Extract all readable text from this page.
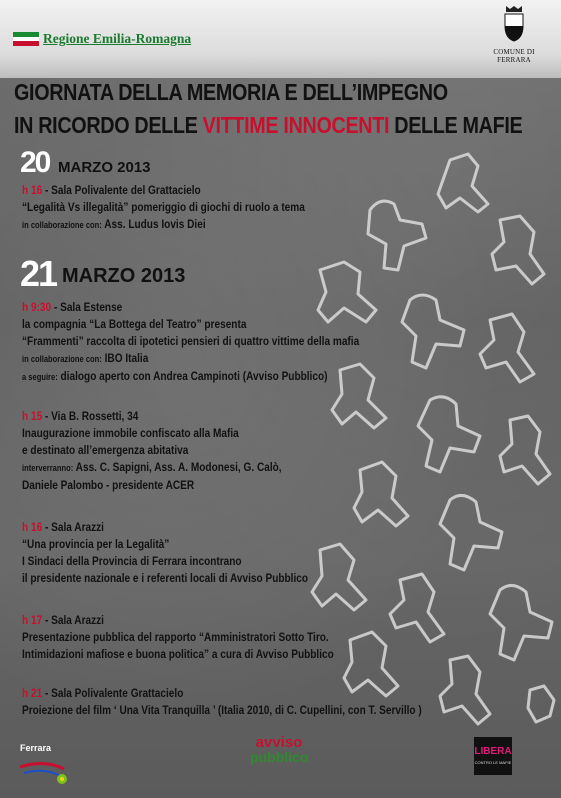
Regione Emilia-Romagna
COMUNE DI FERRARA
GIORNATA DELLA MEMORIA E DELL’IMPEGNO
IN RICORDO DELLE VITTIME INNOCENTI DELLE MAFIE
20 MARZO 2013
h 16 - Sala Polivalente del Grattacielo
“Legalità Vs illegalità” pomeriggio di giochi di ruolo a tema
in collaborazione con: Ass. Ludus Iovis Diei
21 MARZO 2013
h 9:30 - Sala Estense
la compagnia “La Bottega del Teatro” presenta
“Frammenti” raccolta di ipotetici pensieri di quattro vittime della mafia
in collaborazione con: IBO Italia
a seguire: dialogo aperto con Andrea Campinoti (Avviso Pubblico)
h 15 - Via B. Rossetti, 34
Inaugurazione immobile confiscato alla Mafia
e destinato all’emergenza abitativa
interverranno: Ass. C. Sapigni, Ass. A. Modonesi, G. Calò,
Daniele Palombo - presidente ACER
h 16 - Sala Arazzi
“Una provincia per la Legalità”
I Sindaci della Provincia di Ferrara incontrano
il presidente nazionale e i referenti locali di Avviso Pubblico
h 17 - Sala Arazzi
Presentazione pubblica del rapporto “Amministratori Sotto Tiro.
Intimidazioni mafiose e buona politica” a cura di Avviso Pubblico
h 21 - Sala Polivalente Grattacielo
Proiezione del film ‘ Una Vita Tranquilla ’ (Italia 2010, di C. Cupellini, con T. Servillo )
Ferrara	avviso
pubblico	LIBERA
CONTRO LE MAFIE
